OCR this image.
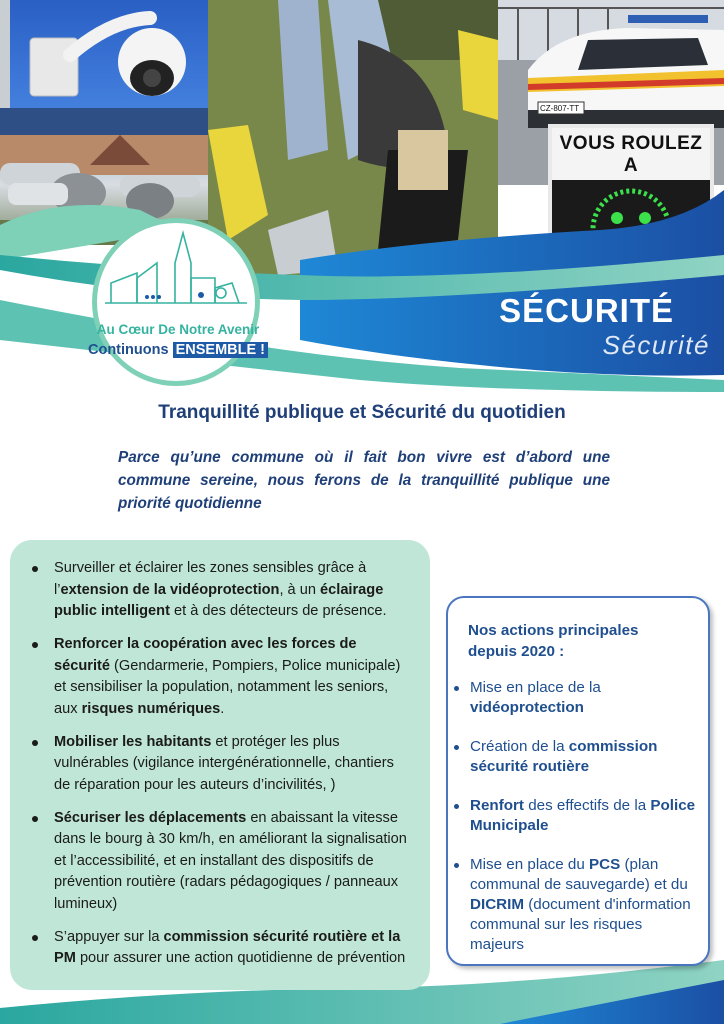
CZ-807-TT
VOUS ROULEZ A
SÉCURITÉ
Sécurité
Au Cœur De Notre Avenir
Continuons ENSEMBLE !
Tranquillité publique et Sécurité du quotidien
Parce qu’une commune où il fait bon vivre est d’abord une commune sereine, nous ferons de la tranquillité publique une priorité quotidienne
Surveiller et éclairer les zones sensibles grâce à l’extension de la vidéoprotection, à un éclairage public intelligent et à des détecteurs de présence.
Renforcer la coopération avec les forces de sécurité (Gendarmerie, Pompiers, Police municipale) et sensibiliser la population, notamment les seniors, aux risques numériques.
Mobiliser les habitants et protéger les plus vulnérables (vigilance intergénérationnelle, chantiers de réparation pour les auteurs d’incivilités, )
Sécuriser les déplacements en abaissant la vitesse dans le bourg à 30 km/h, en améliorant la signalisation et l’accessibilité, et en installant des dispositifs de prévention routière (radars pédagogiques / panneaux lumineux)
S’appuyer sur la commission sécurité routière et la PM pour assurer une action quotidienne de prévention
Nos actions principales depuis 2020 :
Mise en place de la vidéoprotection
Création de la commission sécurité routière
Renfort des effectifs de la Police Municipale
Mise en place du PCS (plan communal de sauvegarde) et du DICRIM (document d'information communal sur les risques majeurs
